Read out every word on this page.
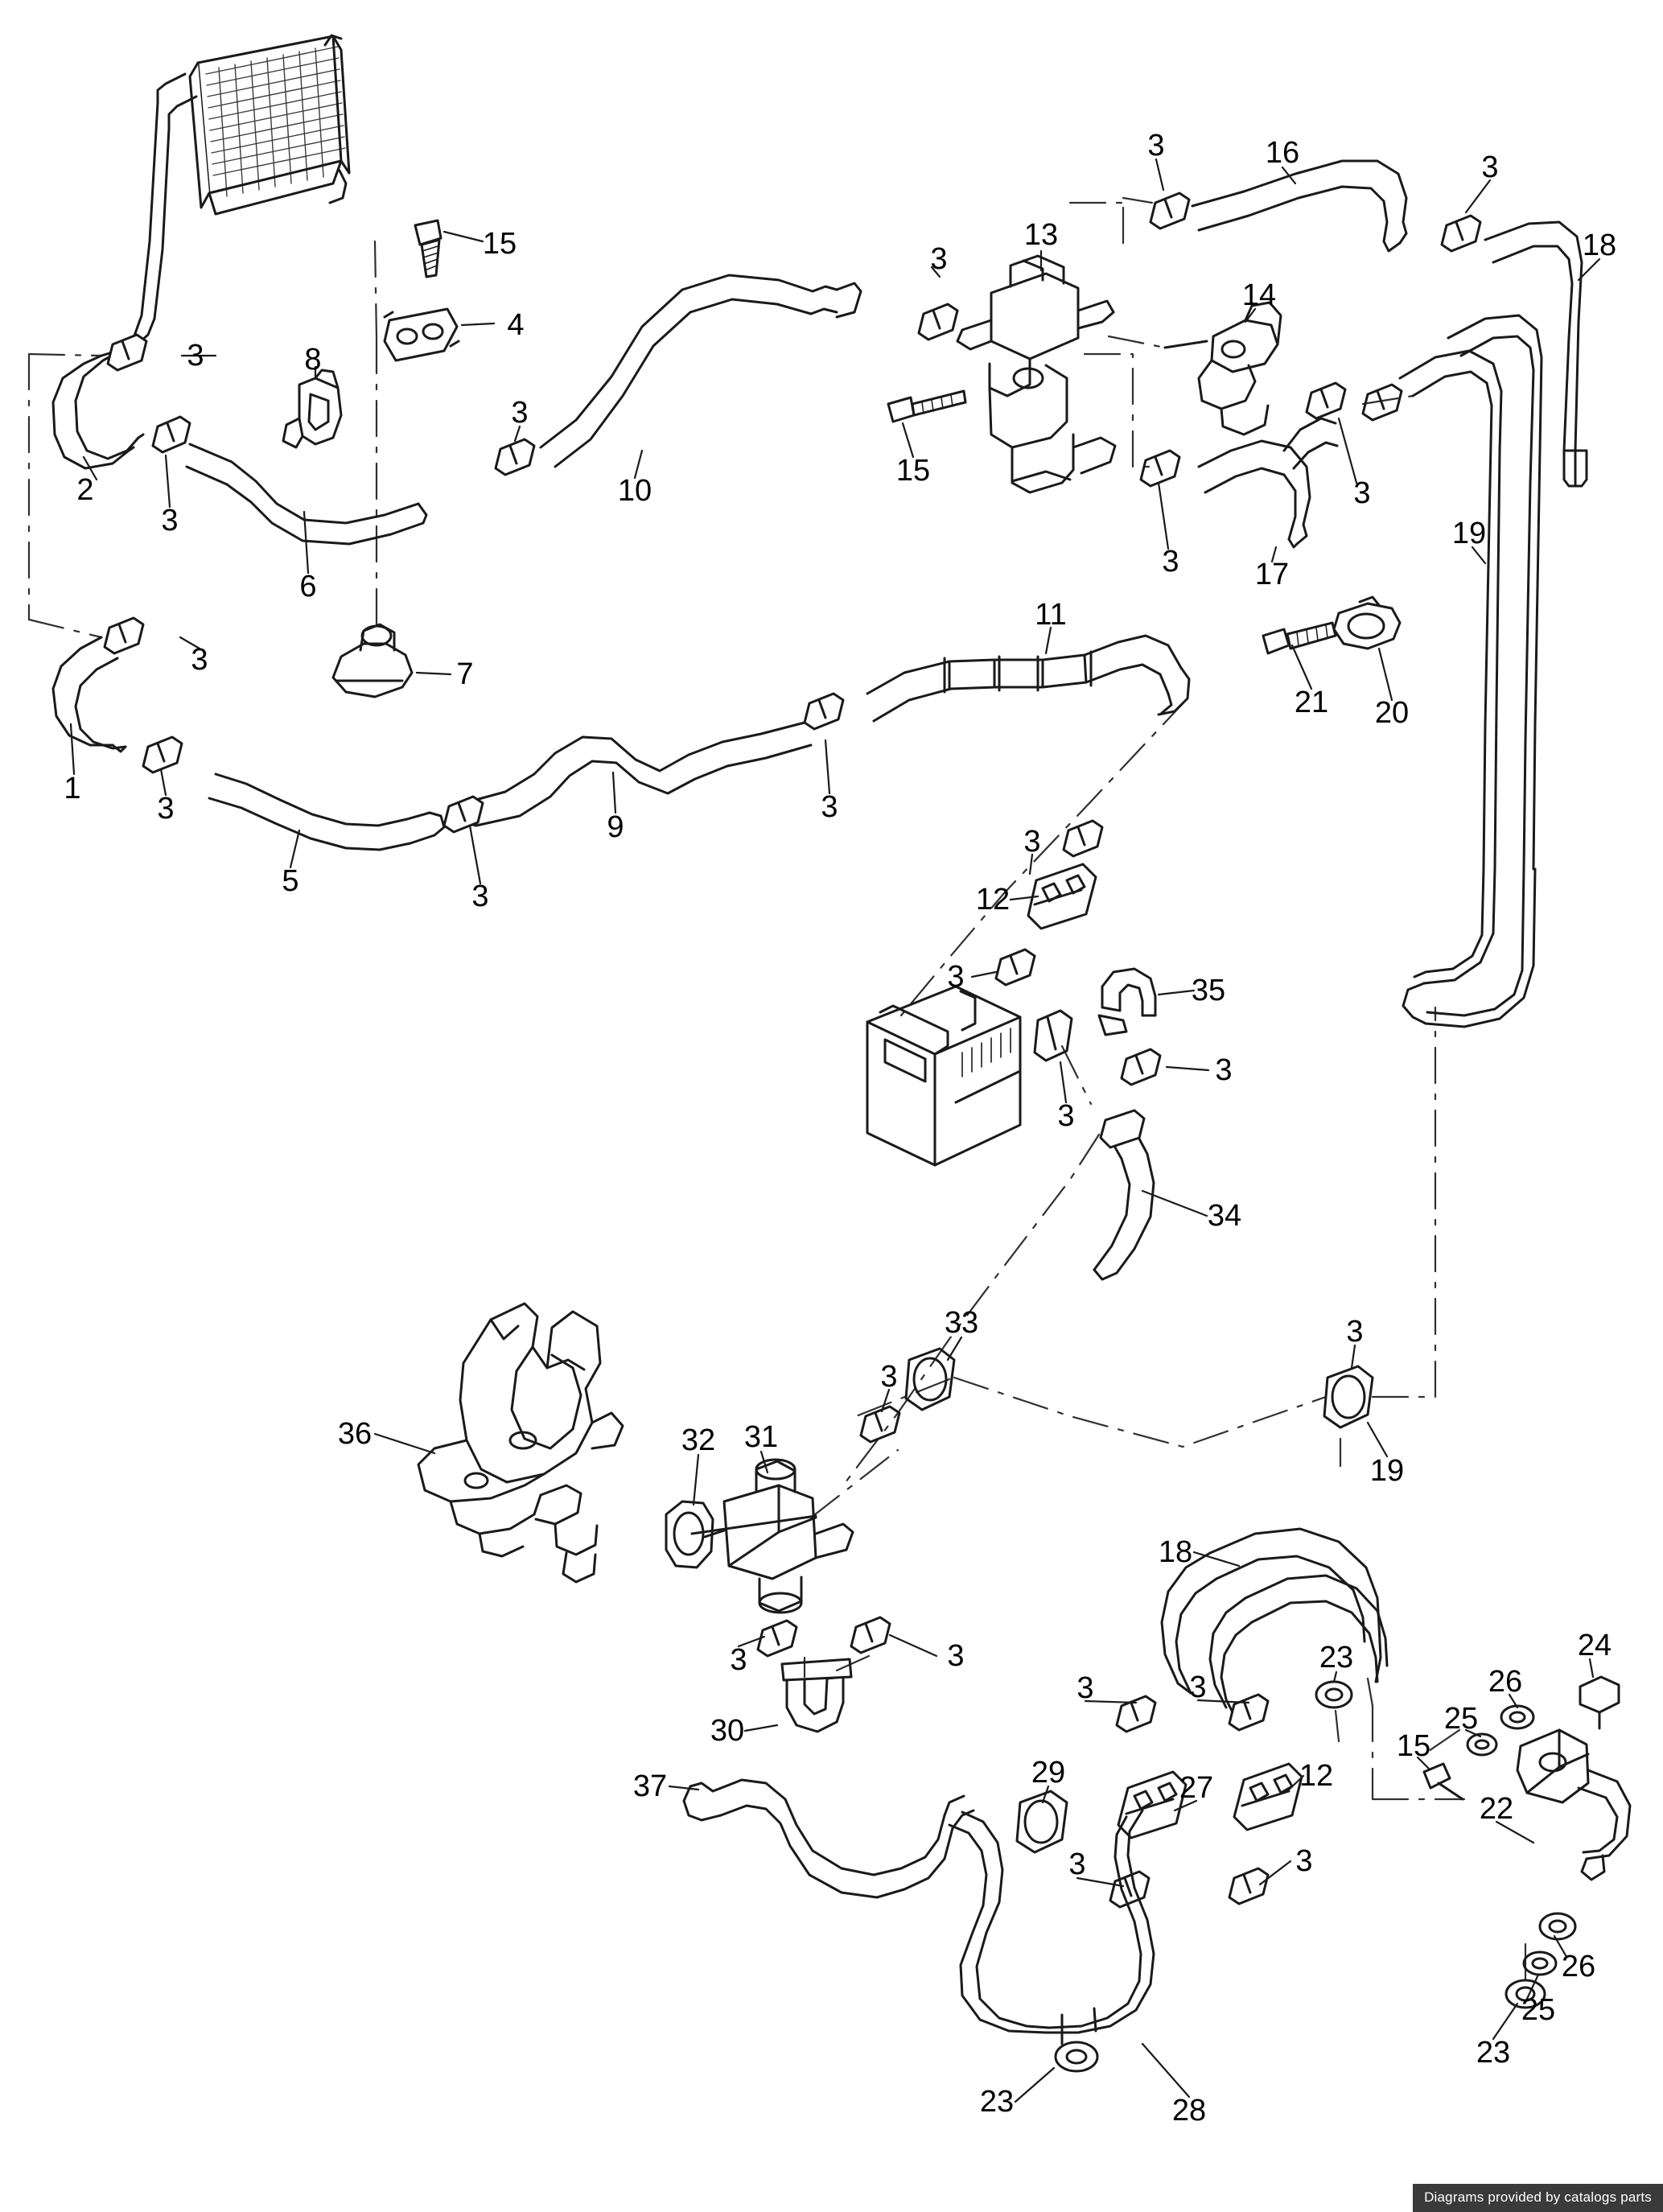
15
4
3	8
3
13
3	16	3
18
14
2
3
3
10
15
3
6
3 17
19
3	7
11
21 20
1
3
3
5
9
3
3
12
3	35
3
3
34
33
3
3
19
36	32 31
18
3	3	23	24
26
25
15
30
3	3
29	27	12
22
37
3	3
26
25
23
23	28
Diagrams provided by catalogs parts
